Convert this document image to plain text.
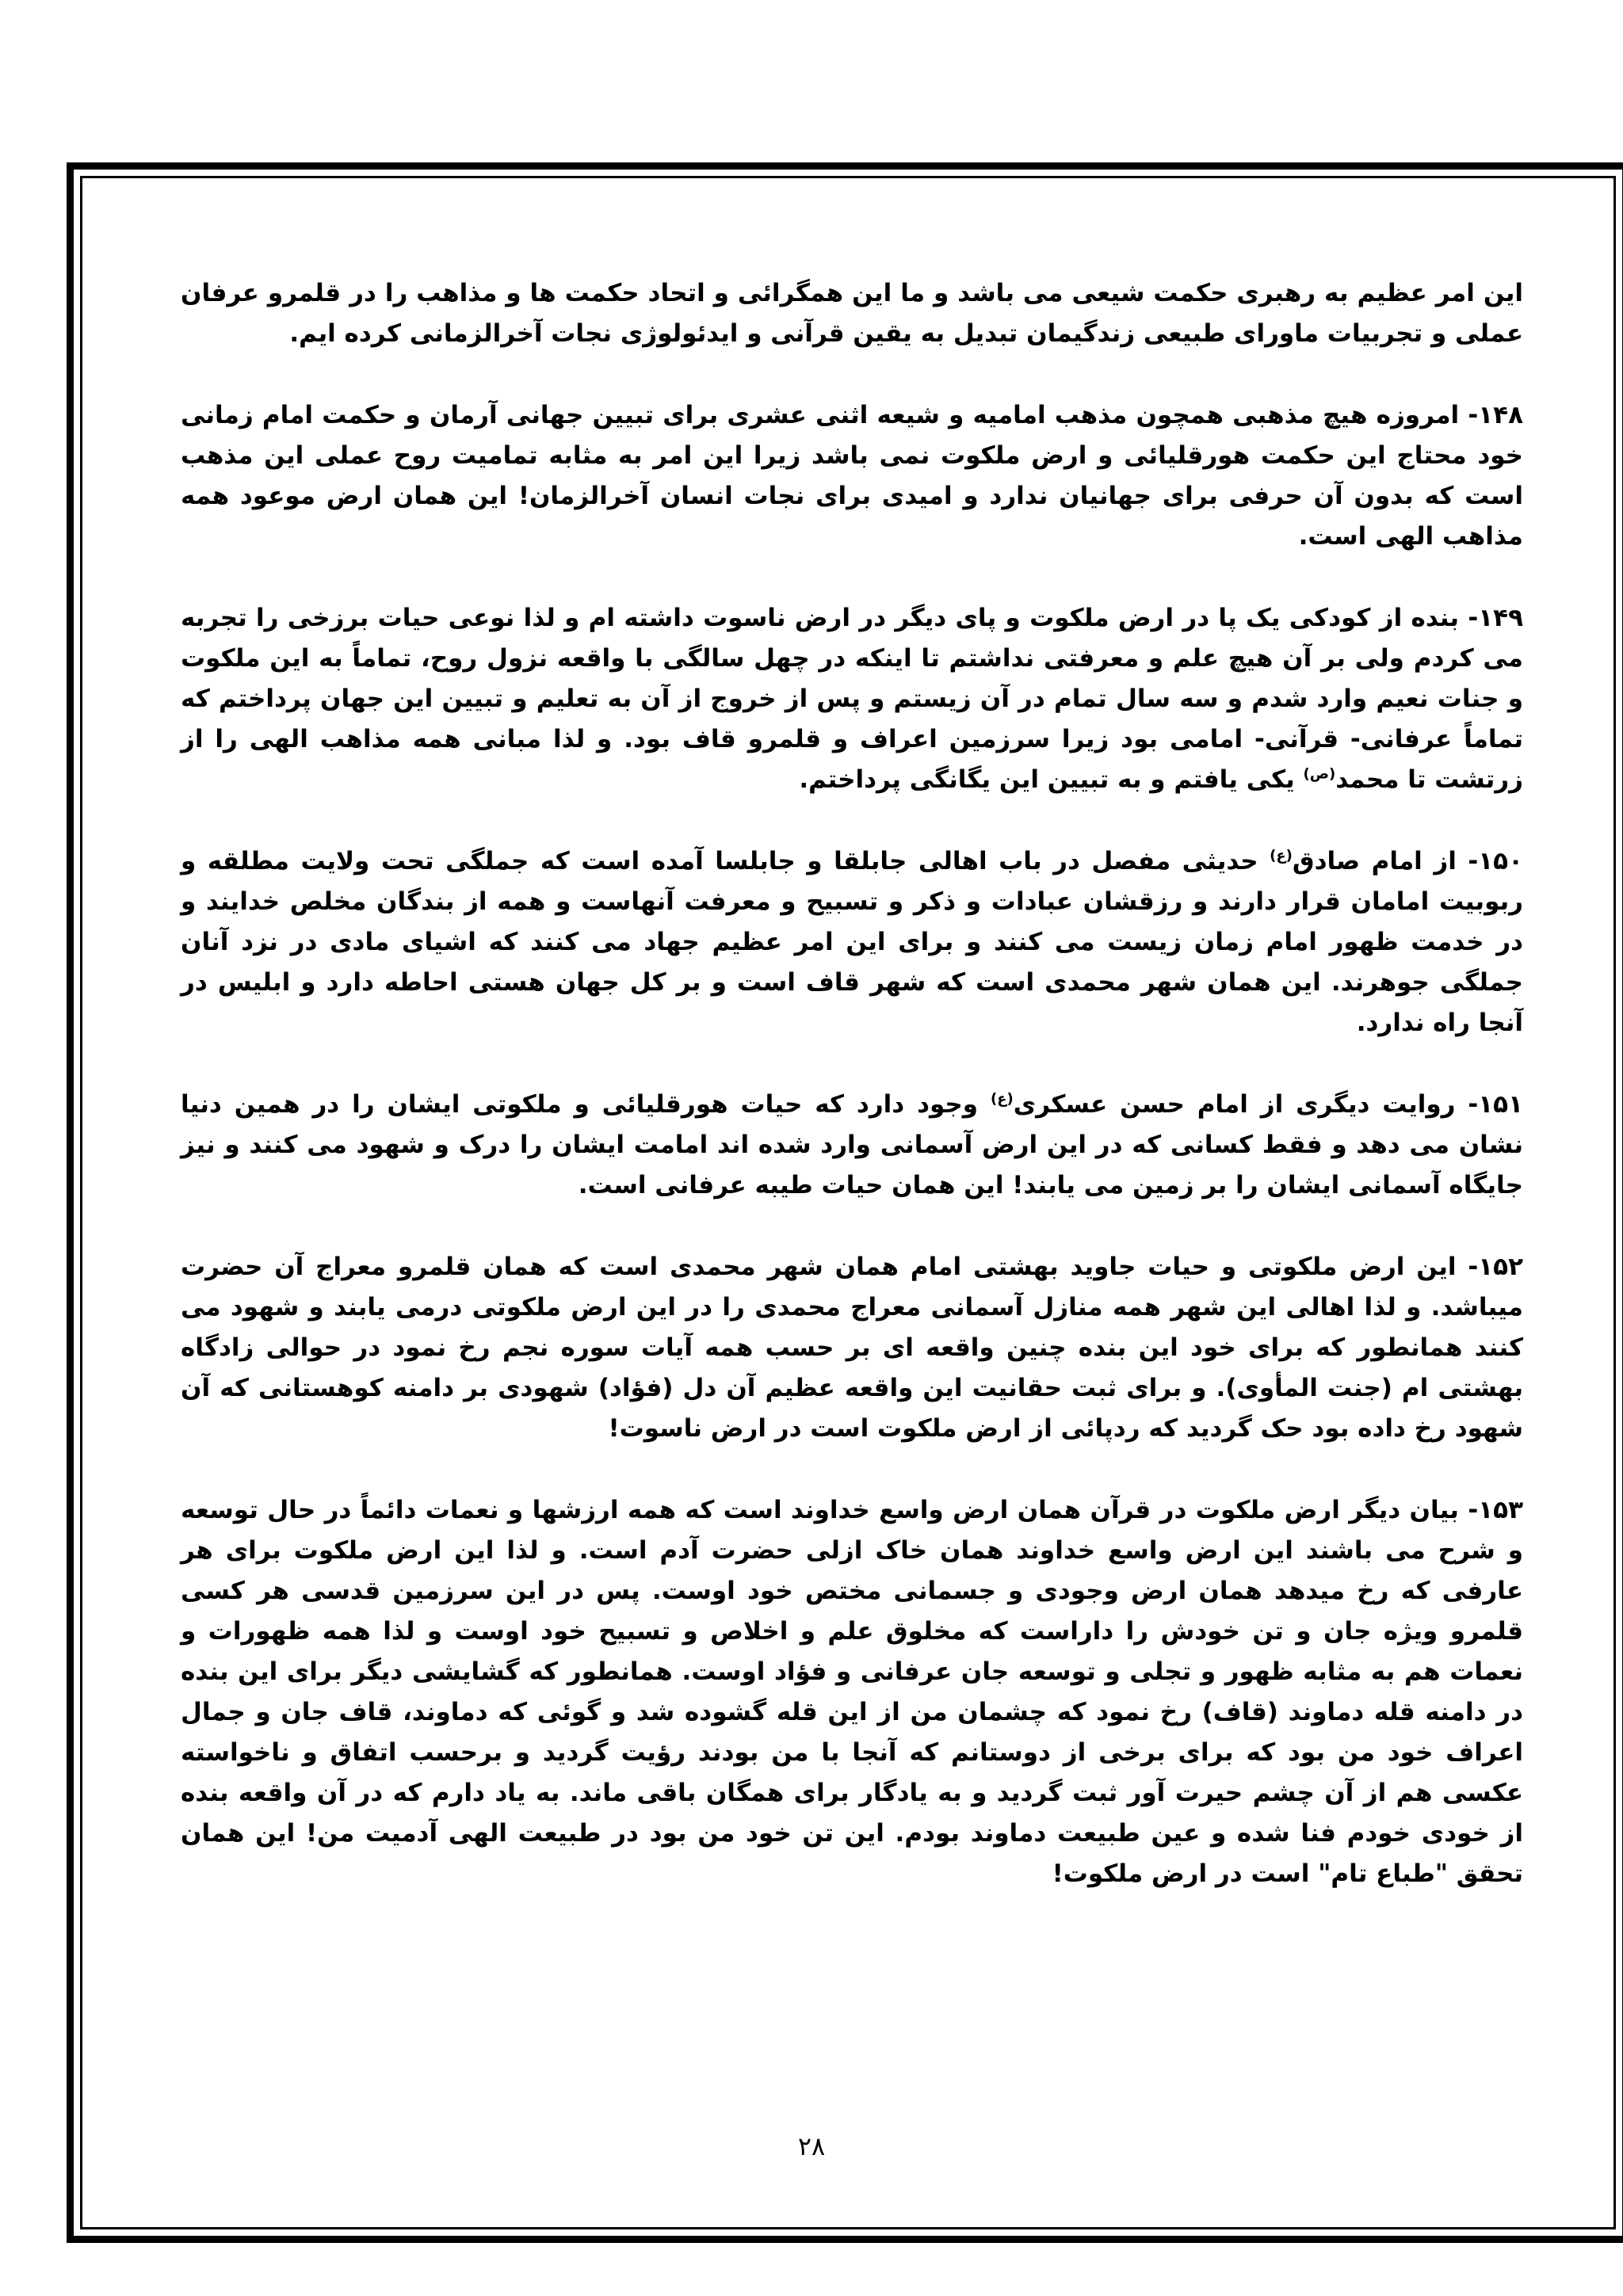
این امر عظیم به رهبری حکمت شیعی می باشد و ما این همگرائی و اتحاد حکمت ها و مذاهب را در قلمرو عرفان عملی و تجربیات ماورای طبیعی زندگیمان تبدیل به یقین قرآنی و ایدئولوژی نجات آخرالزمانی کرده ایم.

۱۴۸- امروزه هیچ مذهبی همچون مذهب امامیه و شیعه اثنی عشری برای تبیین جهانی آرمان و حکمت امام زمانی خود محتاج این حکمت هورقلیائی و ارض ملکوت نمی باشد زیرا این امر به مثابه تمامیت روح عملی این مذهب است که بدون آن حرفی برای جهانیان ندارد و امیدی برای نجات انسان آخرالزمان! این همان ارض موعود همه مذاهب الهی است.

۱۴۹- بنده از کودکی یک پا در ارض ملکوت و پای دیگر در ارض ناسوت داشته ام و لذا نوعی حیات برزخی را تجربه می کردم ولی بر آن هیچ علم و معرفتی نداشتم تا اینکه در چهل سالگی با واقعه نزول روح، تماماً به این ملکوت و جنات نعیم وارد شدم و سه سال تمام در آن زیستم و پس از خروج از آن به تعلیم و تبیین این جهان پرداختم که تماماً عرفانی- قرآنی- امامی بود زیرا سرزمین اعراف و قلمرو قاف بود. و لذا مبانی همه مذاهب الهی را از زرتشت تا محمد$^{(ص)}$ یکی یافتم و به تبیین این یگانگی پرداختم.

۱۵۰- از امام صادق$^{(ع)}$ حدیثی مفصل در باب اهالی جابلقا و جابلسا آمده است که جملگی تحت ولایت مطلقه و ربوبیت امامان قرار دارند و رزقشان عبادات و ذکر و تسبیح و معرفت آنهاست و همه از بندگان مخلص خدایند و در خدمت ظهور امام زمان زیست می کنند و برای این امر عظیم جهاد می کنند که اشیای مادی در نزد آنان جملگی جوهرند. این همان شهر محمدی است که شهر قاف است و بر کل جهان هستی احاطه دارد و ابلیس در آنجا راه ندارد.

۱۵۱- روایت دیگری از امام حسن عسکری$^{(ع)}$ وجود دارد که حیات هورقلیائی و ملکوتی ایشان را در همین دنیا نشان می دهد و فقط کسانی که در این ارض آسمانی وارد شده اند امامت ایشان را درک و شهود می کنند و نیز جایگاه آسمانی ایشان را بر زمین می یابند! این همان حیات طیبه عرفانی است.

۱۵۲- این ارض ملکوتی و حیات جاوید بهشتی امام همان شهر محمدی است که همان قلمرو معراج آن حضرت میباشد. و لذا اهالی این شهر همه منازل آسمانی معراج محمدی را در این ارض ملکوتی درمی یابند و شهود می کنند همانطور که برای خود این بنده چنین واقعه ای بر حسب همه آیات سوره نجم رخ نمود در حوالی زادگاه بهشتی ام (جنت المأوی). و برای ثبت حقانیت این واقعه عظیم آن دل (فؤاد) شهودی بر دامنه کوهستانی که آن شهود رخ داده بود حک گردید که ردپائی از ارض ملکوت است در ارض ناسوت!

۱۵۳- بیان دیگر ارض ملکوت در قرآن همان ارض واسع خداوند است که همه ارزشها و نعمات دائماً در حال توسعه و شرح می باشند این ارض واسع خداوند همان خاک ازلی حضرت آدم است. و لذا این ارض ملکوت برای هر عارفی که رخ میدهد همان ارض وجودی و جسمانی مختص خود اوست. پس در این سرزمین قدسی هر کسی قلمرو ویژه جان و تن خودش را داراست که مخلوق علم و اخلاص و تسبیح خود اوست و لذا همه ظهورات و نعمات هم به مثابه ظهور و تجلی و توسعه جان عرفانی و فؤاد اوست. همانطور که گشایشی دیگر برای این بنده در دامنه قله دماوند (قاف) رخ نمود که چشمان من از این قله گشوده شد و گوئی که دماوند، قاف جان و جمال اعراف خود من بود که برای برخی از دوستانم که آنجا با من بودند رؤیت گردید و برحسب اتفاق و ناخواسته عکسی هم از آن چشم حیرت آور ثبت گردید و به یادگار برای همگان باقی ماند. به یاد دارم که در آن واقعه بنده از خودی خودم فنا شده و عین طبیعت دماوند بودم. این تن خود من بود در طبیعت الهی آدمیت من! این همان تحقق "طباع تام" است در ارض ملکوت!

۲۸
